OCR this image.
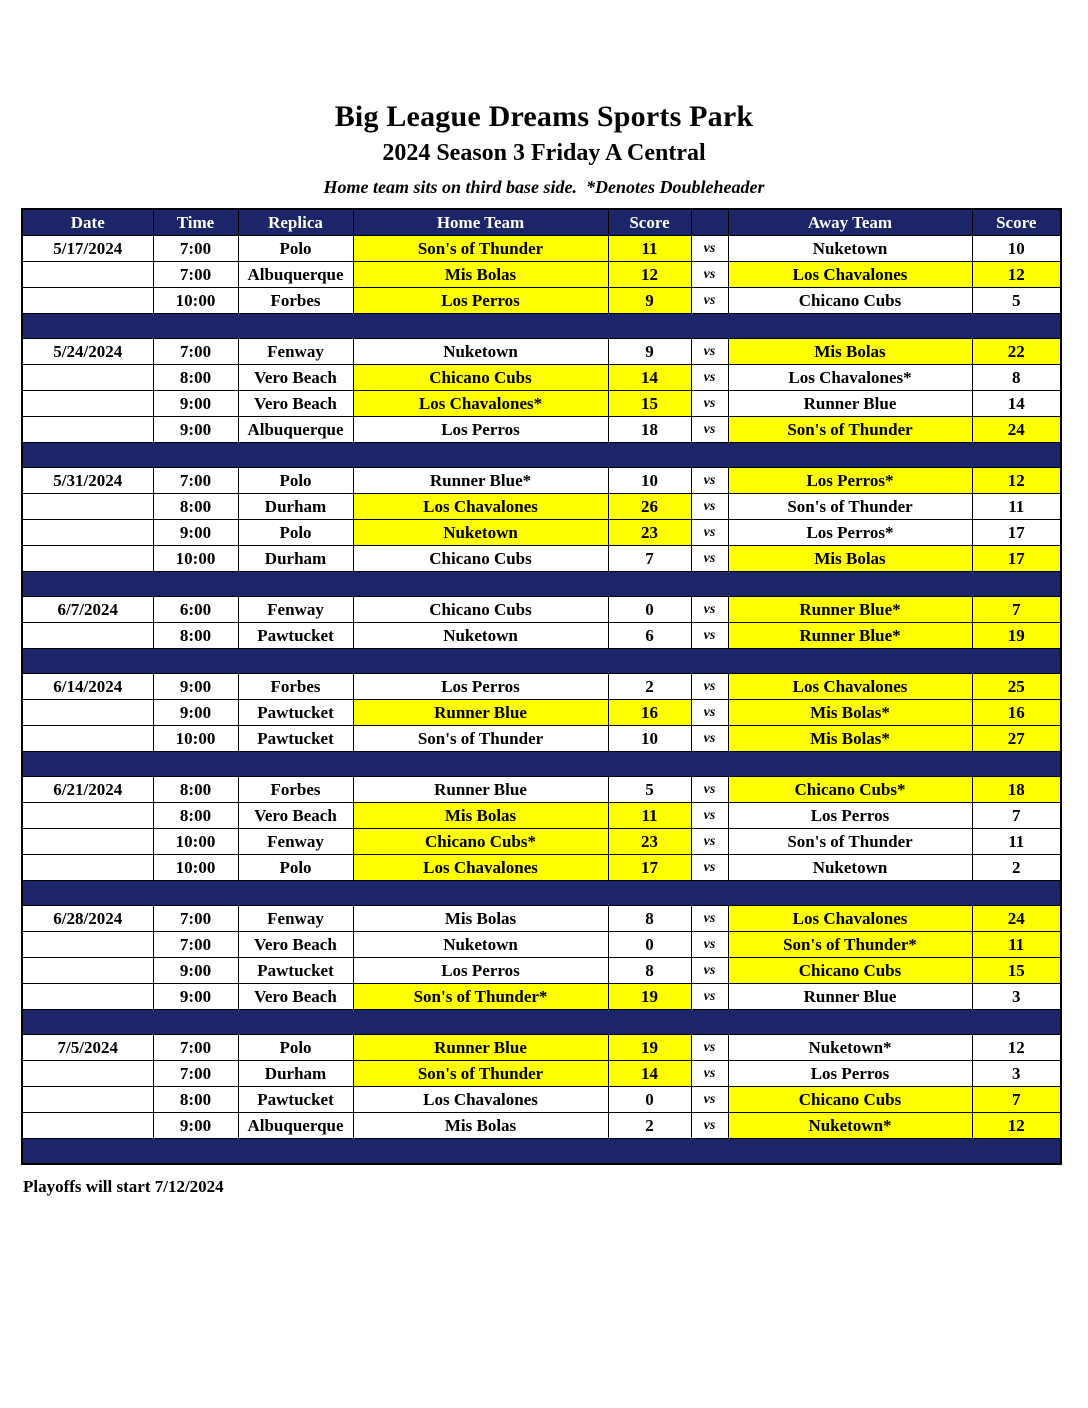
Big League Dreams Sports Park
2024 Season 3 Friday A Central
Home team sits on third base side.  *Denotes Doubleheader
Date	Time	Replica	Home Team	Score		Away Team	Score
5/17/2024	7:00	Polo	Son's of Thunder	11	vs	Nuketown	10
	7:00	Albuquerque	Mis Bolas	12	vs	Los Chavalones	12
	10:00	Forbes	Los Perros	9	vs	Chicano Cubs	5

5/24/2024	7:00	Fenway	Nuketown	9	vs	Mis Bolas	22
	8:00	Vero Beach	Chicano Cubs	14	vs	Los Chavalones*	8
	9:00	Vero Beach	Los Chavalones*	15	vs	Runner Blue	14
	9:00	Albuquerque	Los Perros	18	vs	Son's of Thunder	24

5/31/2024	7:00	Polo	Runner Blue*	10	vs	Los Perros*	12
	8:00	Durham	Los Chavalones	26	vs	Son's of Thunder	11
	9:00	Polo	Nuketown	23	vs	Los Perros*	17
	10:00	Durham	Chicano Cubs	7	vs	Mis Bolas	17

6/7/2024	6:00	Fenway	Chicano Cubs	0	vs	Runner Blue*	7
	8:00	Pawtucket	Nuketown	6	vs	Runner Blue*	19

6/14/2024	9:00	Forbes	Los Perros	2	vs	Los Chavalones	25
	9:00	Pawtucket	Runner Blue	16	vs	Mis Bolas*	16
	10:00	Pawtucket	Son's of Thunder	10	vs	Mis Bolas*	27

6/21/2024	8:00	Forbes	Runner Blue	5	vs	Chicano Cubs*	18
	8:00	Vero Beach	Mis Bolas	11	vs	Los Perros	7
	10:00	Fenway	Chicano Cubs*	23	vs	Son's of Thunder	11
	10:00	Polo	Los Chavalones	17	vs	Nuketown	2

6/28/2024	7:00	Fenway	Mis Bolas	8	vs	Los Chavalones	24
	7:00	Vero Beach	Nuketown	0	vs	Son's of Thunder*	11
	9:00	Pawtucket	Los Perros	8	vs	Chicano Cubs	15
	9:00	Vero Beach	Son's of Thunder*	19	vs	Runner Blue	3

7/5/2024	7:00	Polo	Runner Blue	19	vs	Nuketown*	12
	7:00	Durham	Son's of Thunder	14	vs	Los Perros	3
	8:00	Pawtucket	Los Chavalones	0	vs	Chicano Cubs	7
	9:00	Albuquerque	Mis Bolas	2	vs	Nuketown*	12

Playoffs will start 7/12/2024
